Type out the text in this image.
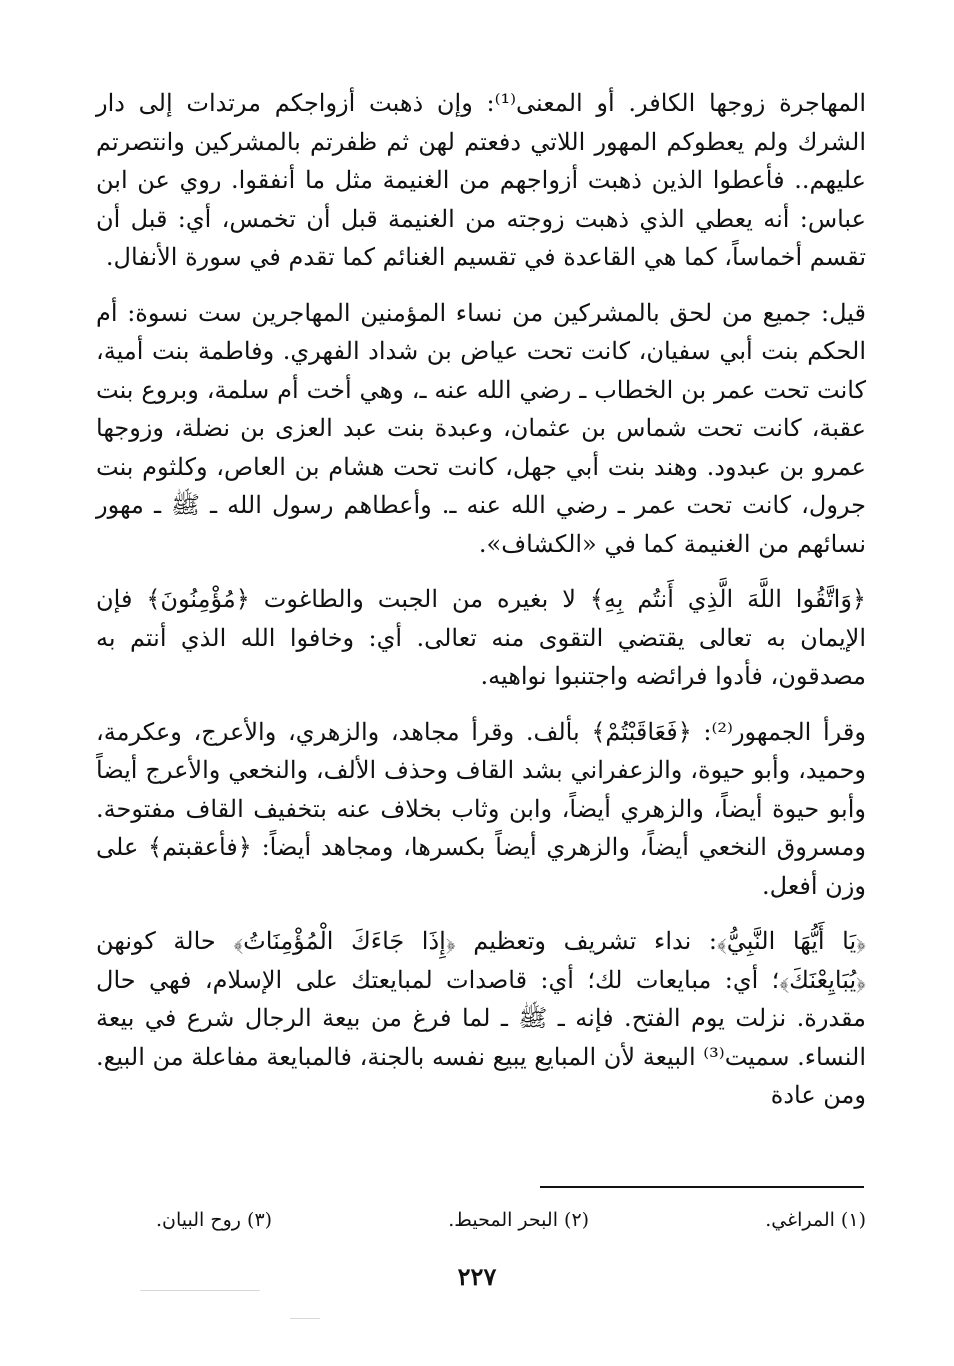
المهاجرة زوجها الكافر. أو المعنى⁽¹⁾: وإن ذهبت أزواجكم مرتدات إلى دار الشرك ولم يعطوكم المهور اللاتي دفعتم لهن ثم ظفرتم بالمشركين وانتصرتم عليهم.. فأعطوا الذين ذهبت أزواجهم من الغنيمة مثل ما أنفقوا. روي عن ابن عباس: أنه يعطي الذي ذهبت زوجته من الغنيمة قبل أن تخمس، أي: قبل أن تقسم أخماساً، كما هي القاعدة في تقسيم الغنائم كما تقدم في سورة الأنفال.

قيل: جميع من لحق بالمشركين من نساء المؤمنين المهاجرين ست نسوة: أم الحكم بنت أبي سفيان، كانت تحت عياض بن شداد الفهري. وفاطمة بنت أمية، كانت تحت عمر بن الخطاب ـ رضي الله عنه ـ، وهي أخت أم سلمة، وبروع بنت عقبة، كانت تحت شماس بن عثمان، وعبدة بنت عبد العزى بن نضلة، وزوجها عمرو بن عبدود. وهند بنت أبي جهل، كانت تحت هشام بن العاص، وكلثوم بنت جرول، كانت تحت عمر ـ رضي الله عنه ـ. وأعطاهم رسول الله ـ ﷺ ـ مهور نسائهم من الغنيمة كما في «الكشاف».

﴿وَاتَّقُوا اللَّهَ الَّذِي أَنتُم بِهِ﴾ لا بغيره من الجبت والطاغوت ﴿مُؤْمِنُونَ﴾ فإن الإيمان به تعالى يقتضي التقوى منه تعالى. أي: وخافوا الله الذي أنتم به مصدقون، فأدوا فرائضه واجتنبوا نواهيه.

وقرأ الجمهور⁽²⁾: ﴿فَعَاقَبْتُمْ﴾ بألف. وقرأ مجاهد، والزهري، والأعرج، وعكرمة، وحميد، وأبو حيوة، والزعفراني بشد القاف وحذف الألف، والنخعي والأعرج أيضاً وأبو حيوة أيضاً، والزهري أيضاً، وابن وثاب بخلاف عنه بتخفيف القاف مفتوحة. ومسروق النخعي أيضاً، والزهري أيضاً بكسرها، ومجاهد أيضاً: ﴿فأعقبتم﴾ على وزن أفعل.

﴿يَا أَيُّهَا النَّبِيُّ﴾: نداء تشريف وتعظيم ﴿إِذَا جَاءَكَ الْمُؤْمِنَاتُ﴾ حالة كونهن ﴿يُبَايِعْنَكَ﴾؛ أي: مبايعات لك؛ أي: قاصدات لمبايعتك على الإسلام، فهي حال مقدرة. نزلت يوم الفتح. فإنه ـ ﷺ ـ لما فرغ من بيعة الرجال شرع في بيعة النساء. سميت⁽³⁾ البيعة لأن المبايع يبيع نفسه بالجنة، فالمبايعة مفاعلة من البيع. ومن عادة

(١) المراغي.
(٢) البحر المحيط.
(٣) روح البيان.
٢٢٧
